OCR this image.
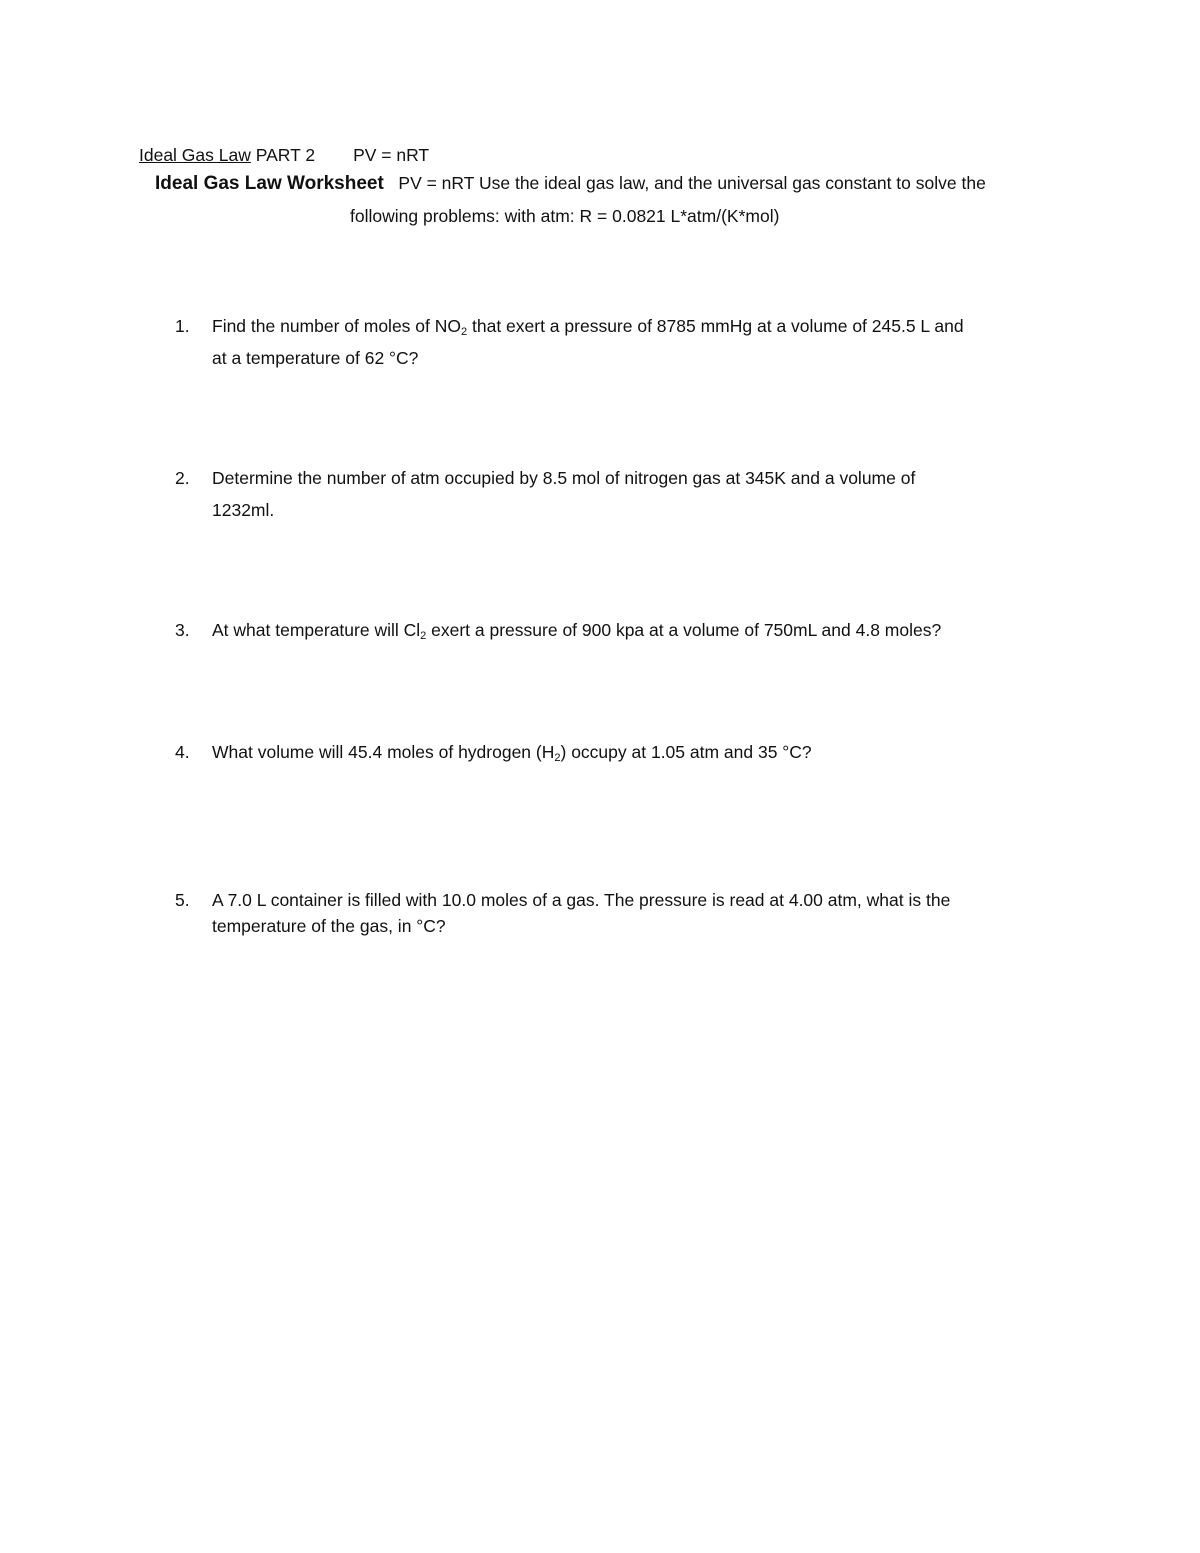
Ideal Gas Law PART 2 PV = nRT
Ideal Gas Law Worksheet PV = nRT Use the ideal gas law, and the universal gas constant to solve the
following problems: with atm: R = 0.0821 L*atm/(K*mol)
1. Find the number of moles of $NO_2$ that exert a pressure of 8785 mmHg at a volume of 245.5 L and
at a temperature of 62 °C?
2. Determine the number of atm occupied by 8.5 mol of nitrogen gas at 345K and a volume of
1232ml.
3. At what temperature will $Cl_2$ exert a pressure of 900 kpa at a volume of 750mL and 4.8 moles?
4. What volume will 45.4 moles of hydrogen $(H_2)$ occupy at 1.05 atm and 35 °C?
5. A 7.0 L container is filled with 10.0 moles of a gas. The pressure is read at 4.00 atm, what is the
temperature of the gas, in °C?
